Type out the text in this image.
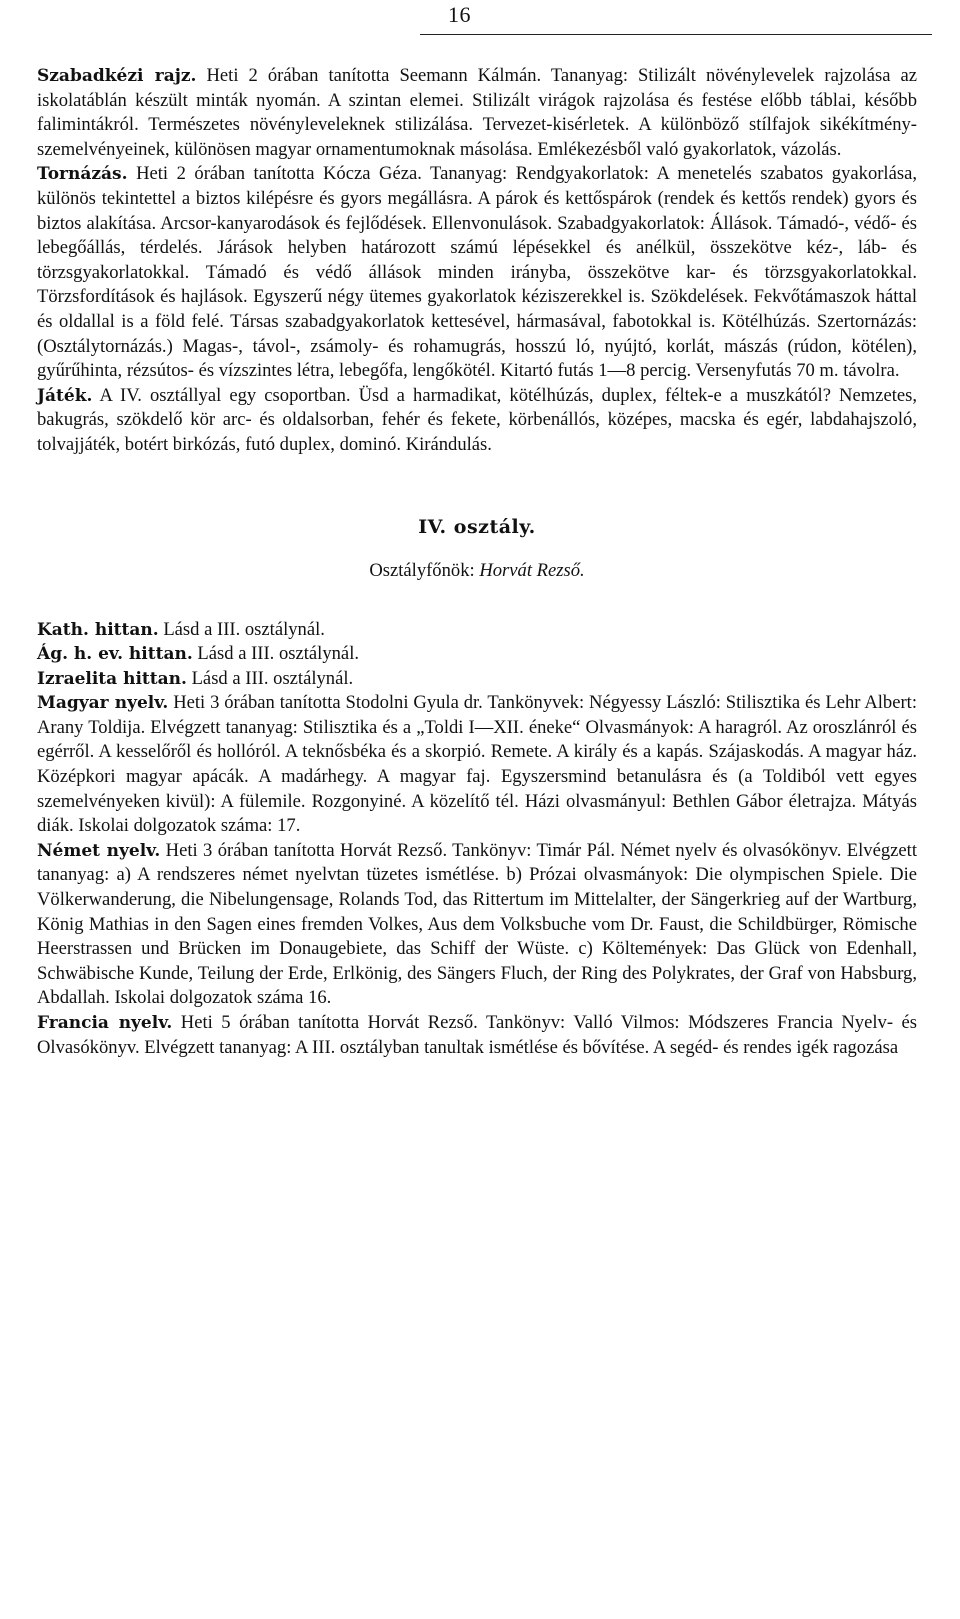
16

Szabadkézi rajz. Heti 2 órában tanította Seemann Kálmán. Tananyag: Stilizált növénylevelek rajzolása az iskolatáblán készült minták nyomán. A szintan elemei. Stilizált virágok rajzolása és festése előbb táblai, később falimintákról. Természetes növényleveleknek stilizálása. Tervezet-kisérletek. A különböző stílfajok sikékítmény-szemelvényeinek, különösen magyar ornamentumoknak másolása. Emlékezésből való gyakorlatok, vázolás.

Tornázás. Heti 2 órában tanította Kócza Géza. Tananyag: Rendgyakorlatok: A menetelés szabatos gyakorlása, különös tekintettel a biztos kilépésre és gyors megállásra. A párok és kettőspárok (rendek és kettős rendek) gyors és biztos alakítása. Arcsor-kanyarodások és fejlődések. Ellenvonulások. Szabadgyakorlatok: Állások. Támadó-, védő- és lebegőállás, térdelés. Járások helyben határozott számú lépésekkel és anélkül, összekötve kéz-, láb- és törzsgyakorlatokkal. Támadó és védő állások minden irányba, összekötve kar- és törzsgyakorlatokkal. Törzsfordítások és hajlások. Egyszerű négy ütemes gyakorlatok kéziszerekkel is. Szökdelések. Fekvőtámaszok háttal és oldallal is a föld felé. Társas szabadgyakorlatok kettesével, hármasával, fabotokkal is. Kötélhúzás. Szertornázás: (Osztálytornázás.) Magas-, távol-, zsámoly- és rohamugrás, hosszú ló, nyújtó, korlát, mászás (rúdon, kötélen), gyűrűhinta, rézsútos- és vízszintes létra, lebegőfa, lengőkötél. Kitartó futás 1—8 percig. Versenyfutás 70 m. távolra.

Játék. A IV. osztállyal egy csoportban. Üsd a harmadikat, kötélhúzás, duplex, féltek-e a muszkától? Nemzetes, bakugrás, szökdelő kör arc- és oldalsorban, fehér és fekete, körbenállós, középes, macska és egér, labdahajszoló, tolvajjáték, botért birkózás, futó duplex, dominó. Kirándulás.

IV. osztály.
Osztályfőnök: Horvát Rezső.

Kath. hittan. Lásd a III. osztálynál.

Ág. h. ev. hittan. Lásd a III. osztálynál.

Izraelita hittan. Lásd a III. osztálynál.

Magyar nyelv. Heti 3 órában tanította Stodolni Gyula dr. Tankönyvek: Négyessy László: Stilisztika és Lehr Albert: Arany Toldija. Elvégzett tananyag: Stilisztika és a „Toldi I—XII. éneke“ Olvasmányok: A haragról. Az oroszlánról és egérről. A kesselőről és hollóról. A teknősbéka és a skorpió. Remete. A király és a kapás. Szájaskodás. A magyar ház. Középkori magyar apácák. A madárhegy. A magyar faj. Egyszersmind betanulásra és (a Toldiból vett egyes szemelvényeken kivül): A fülemile. Rozgonyiné. A közelítő tél. Házi olvasmányul: Bethlen Gábor életrajza. Mátyás diák. Iskolai dolgozatok száma: 17.

Német nyelv. Heti 3 órában tanította Horvát Rezső. Tankönyv: Timár Pál. Német nyelv és olvasókönyv. Elvégzett tananyag: a) A rendszeres német nyelvtan tüzetes ismétlése. b) Prózai olvasmányok: Die olympischen Spiele. Die Völkerwanderung, die Nibelungensage, Rolands Tod, das Rittertum im Mittelalter, der Sängerkrieg auf der Wartburg, König Mathias in den Sagen eines fremden Volkes, Aus dem Volksbuche vom Dr. Faust, die Schildbürger, Römische Heerstrassen und Brücken im Donaugebiete, das Schiff der Wüste. c) Költemények: Das Glück von Edenhall, Schwäbische Kunde, Teilung der Erde, Erlkönig, des Sängers Fluch, der Ring des Polykrates, der Graf von Habsburg, Abdallah. Iskolai dolgozatok száma 16.

Francia nyelv. Heti 5 órában tanította Horvát Rezső. Tankönyv: Valló Vilmos: Módszeres Francia Nyelv- és Olvasókönyv. Elvégzett tananyag: A III. osztályban tanultak ismétlése és bővítése. A segéd- és rendes igék ragozása
